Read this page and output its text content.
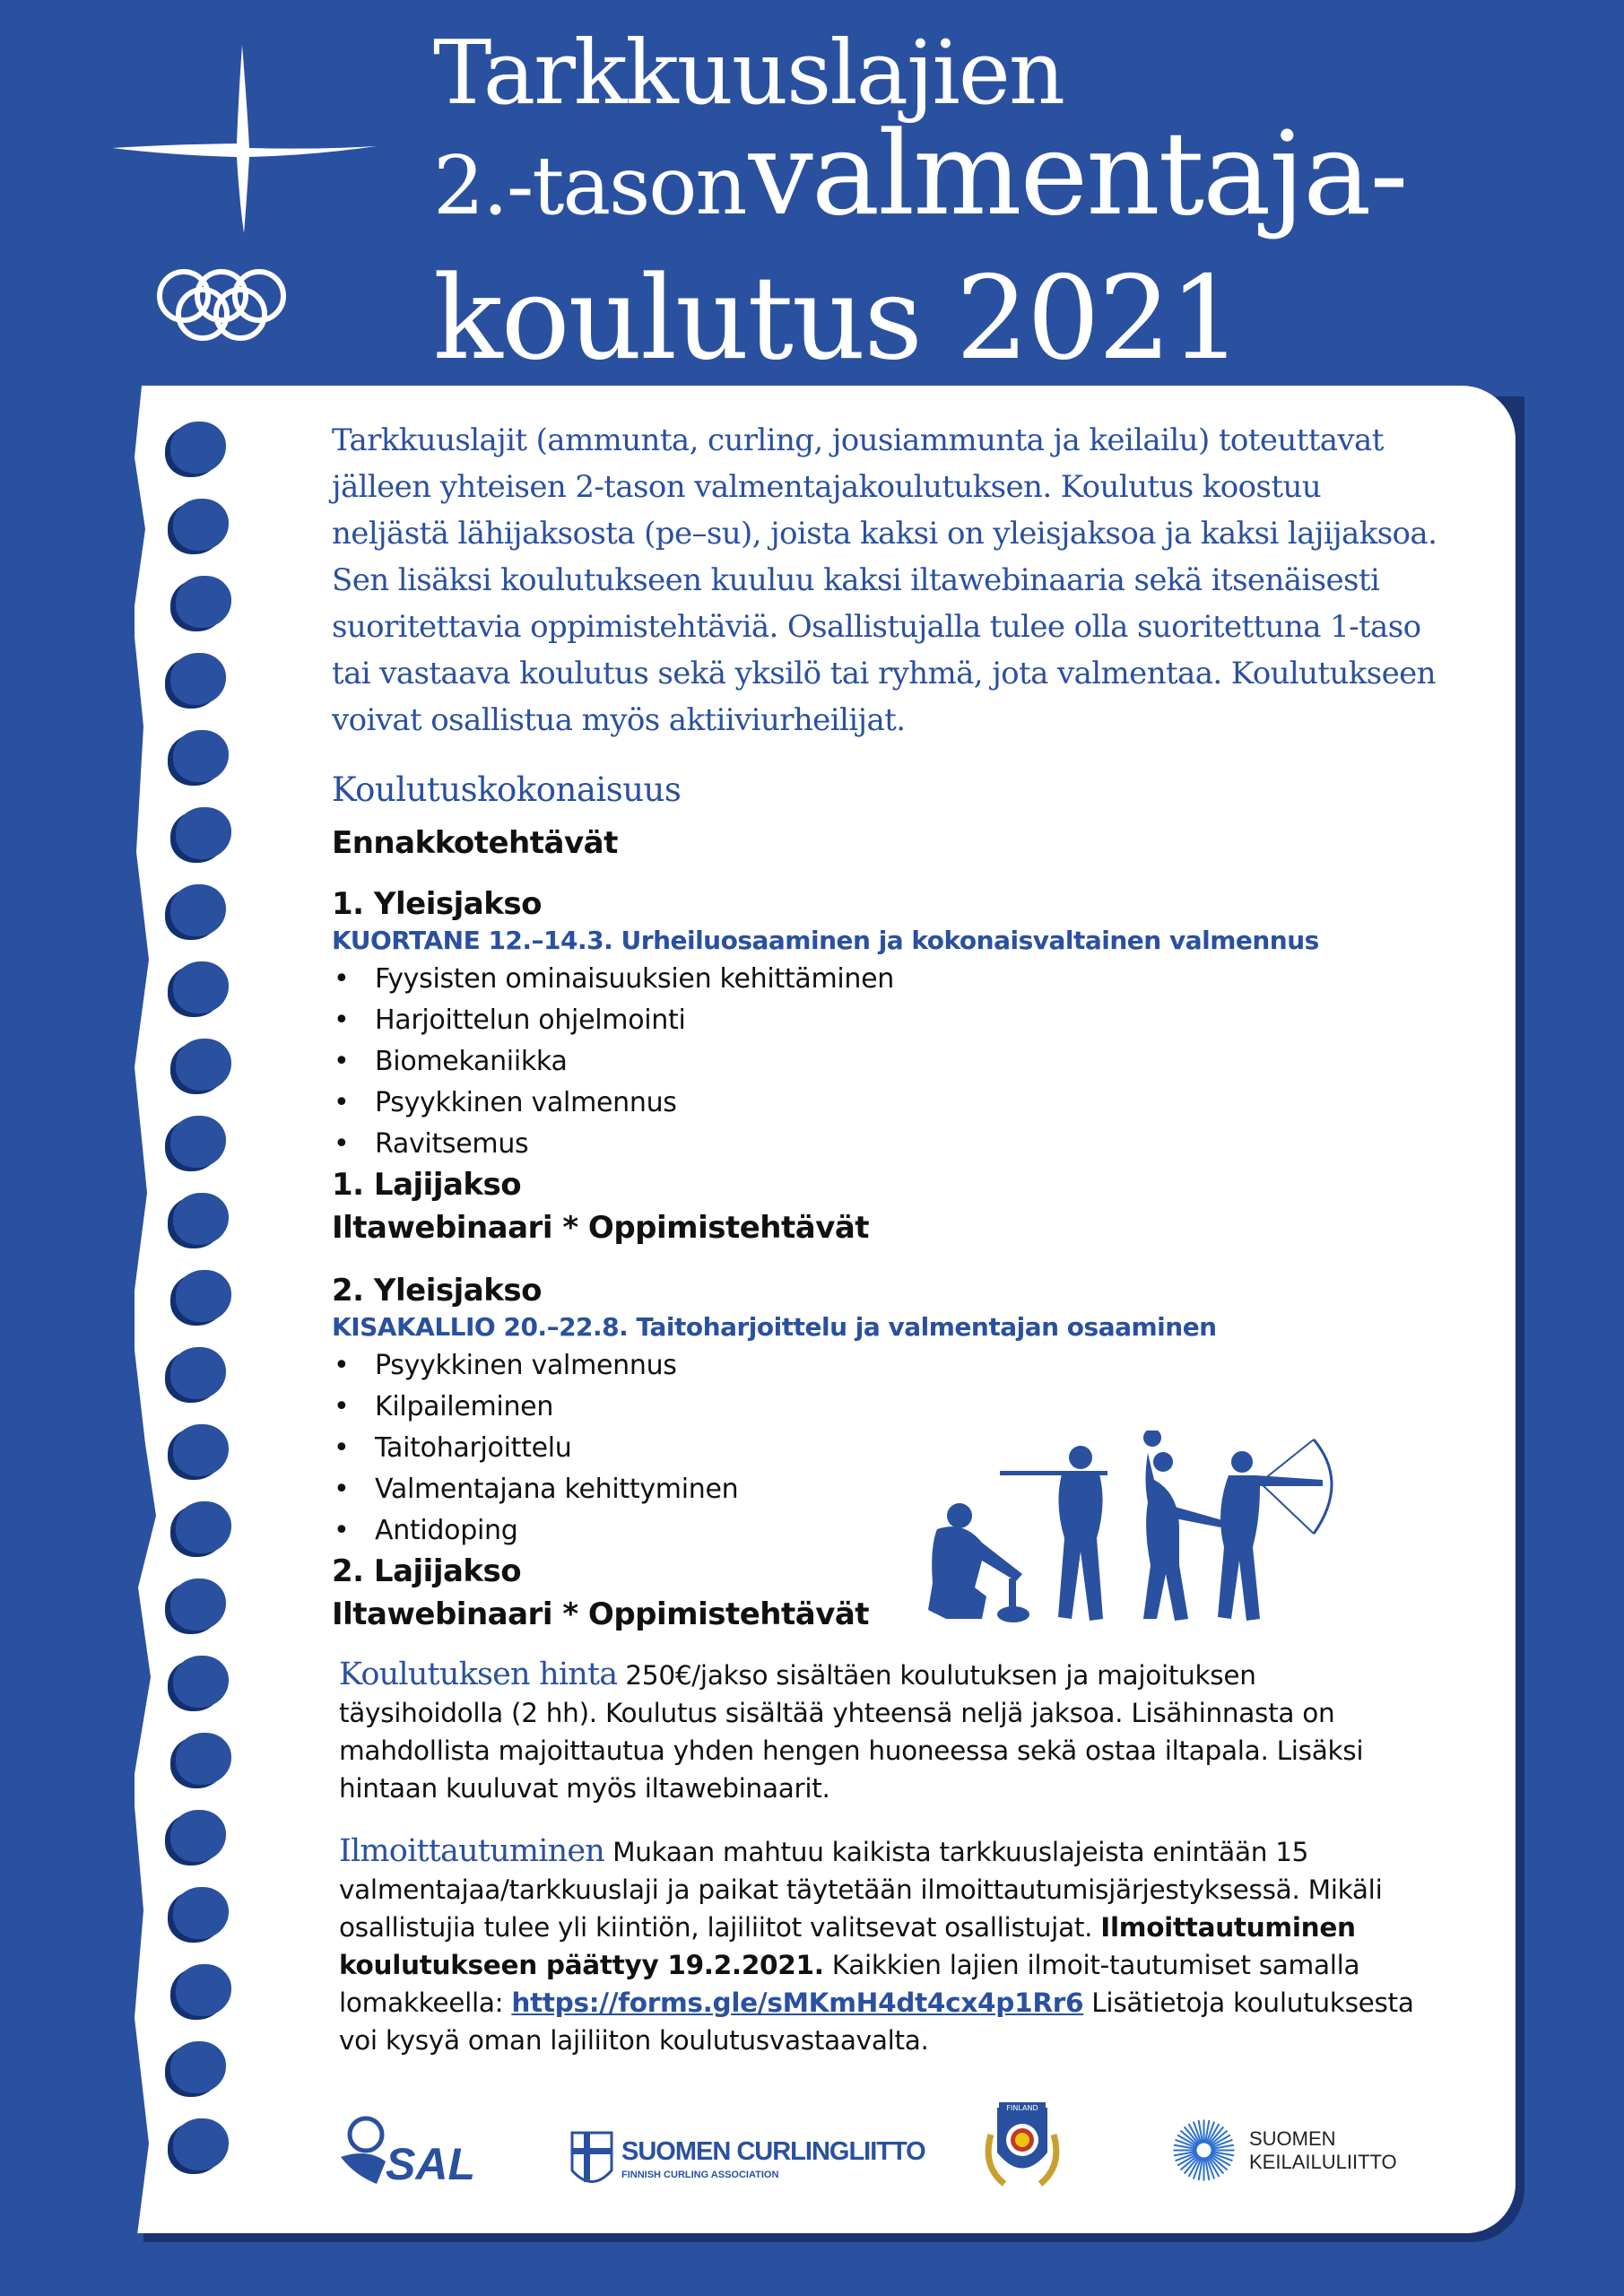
Tarkkuuslajien
2.-tason valmentaja-
koulutus 2021

Tarkkuuslajit (ammunta, curling, jousiammunta ja keilailu) toteuttavat jälleen yhteisen 2-tason valmentajakoulutuksen. Koulutus koostuu neljästä lähijaksosta (pe–su), joista kaksi on yleisjaksoa ja kaksi lajijaksoa. Sen lisäksi koulutukseen kuuluu kaksi iltawebinaaria sekä itsenäisesti suoritettavia oppimistehtäviä. Osallistujalla tulee olla suoritettuna 1-taso tai vastaava koulutus sekä yksilö tai ryhmä, jota valmentaa. Koulutukseen voivat osallistua myös aktiiviurheilijat.

Koulutuskokonaisuus
Ennakkotehtävät
1. Yleisjakso
KUORTANE 12.–14.3. Urheiluosaaminen ja kokonaisvaltainen valmennus
• Fyysisten ominaisuuksien kehittäminen
• Harjoittelun ohjelmointi
• Biomekaniikka
• Psyykkinen valmennus
• Ravitsemus
1. Lajijakso
Iltawebinaari * Oppimistehtävät
2. Yleisjakso
KISAKALLIO 20.–22.8. Taitoharjoittelu ja valmentajan osaaminen
• Psyykkinen valmennus
• Kilpaileminen
• Taitoharjoittelu
• Valmentajana kehittyminen
• Antidoping
2. Lajijakso
Iltawebinaari * Oppimistehtävät
Koulutuksen hinta 250€/jakso sisältäen koulutuksen ja majoituksen täysihoidolla (2 hh). Koulutus sisältää yhteensä neljä jaksoa. Lisähinnasta on mahdollista majoittautua yhden hengen huoneessa sekä ostaa iltapala. Lisäksi hintaan kuuluvat myös iltawebinaarit.
Ilmoittautuminen Mukaan mahtuu kaikista tarkkuuslajeista enintään 15 valmentajaa/tarkkuuslaji ja paikat täytetään ilmoittautumisjärjestyksessä. Mikäli osallistujia tulee yli kiintiön, lajiliitot valitsevat osallistujat. Ilmoittautuminen koulutukseen päättyy 19.2.2021. Kaikkien lajien ilmoit-tautumiset samalla lomakkeella: https://forms.gle/sMKmH4dt4cx4p1Rr6 Lisätietoja koulutuksesta voi kysyä oman lajiliiton koulutusvastaavalta.
SAL	SUOMEN CURLINGLIITTO
FINNISH CURLING ASSOCIATION
FINLAND
SUOMEN
KEILAILULIITTO
